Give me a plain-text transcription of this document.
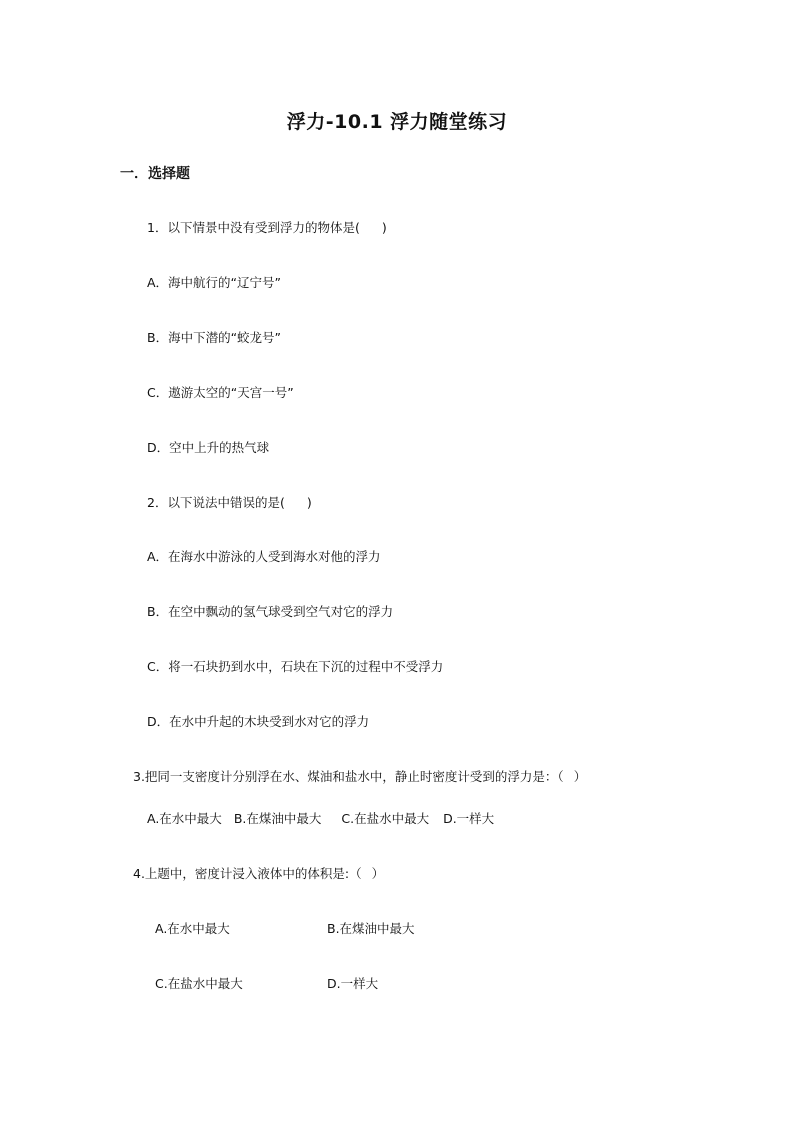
浮力-10.1 浮力随堂练习
一．选择题
1．以下情景中没有受到浮力的物体是( )
A．海中航行的“辽宁号”
B．海中下潜的“蛟龙号”
C．遨游太空的“天宫一号”
D．空中上升的热气球
2．以下说法中错误的是( )
A．在海水中游泳的人受到海水对他的浮力
B．在空中飘动的氢气球受到空气对它的浮力
C．将一石块扔到水中，石块在下沉的过程中不受浮力
D．在水中升起的木块受到水对它的浮力
3.把同一支密度计分别浮在水、煤油和盐水中，静止时密度计受到的浮力是：（ ）
A.在水中最大 B.在煤油中最大 C.在盐水中最大 D.一样大
4.上题中，密度计浸入液体中的体积是:（ ）
A.在水中最大	B.在煤油中最大
C.在盐水中最大	D.一样大
